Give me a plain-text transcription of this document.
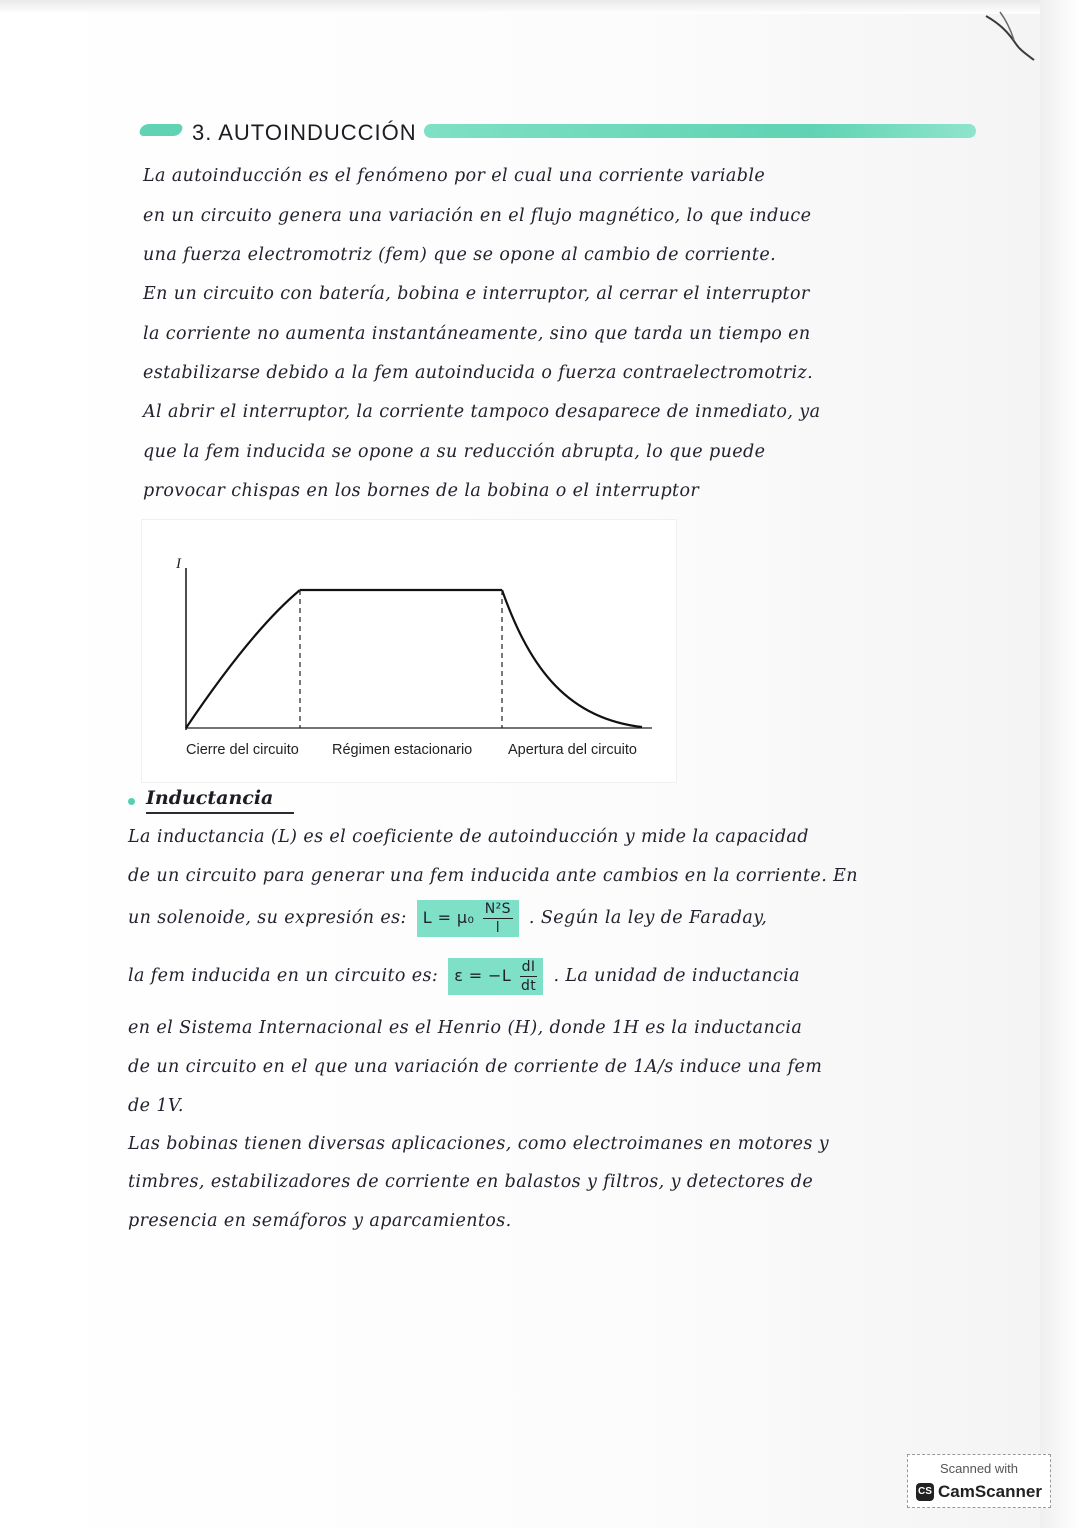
3. AUTOINDUCCIÓN
La autoinducción es el fenómeno por el cual una corriente variable
en un circuito genera una variación en el flujo magnético, lo que induce
una fuerza electromotriz (fem) que se opone al cambio de corriente.
En un circuito con batería, bobina e interruptor, al cerrar el interruptor
la corriente no aumenta instantáneamente, sino que tarda un tiempo en
estabilizarse debido a la fem autoinducida o fuerza contraelectromotriz.
Al abrir el interruptor, la corriente tampoco desaparece de inmediato, ya
que la fem inducida se opone a su reducción abrupta, lo que puede
provocar chispas en los bornes de la bobina o el interruptor
I
Cierre del circuito Régimen estacionario Apertura del circuito
Inductancia
La inductancia (L) es el coeficiente de autoinducción y mide la capacidad
de un circuito para generar una fem inducida ante cambios en la corriente. En
un solenoide, su expresión es: $L = \mu_0 \frac{\text{N²S}}{l}$ . Según la ley de Faraday,
la fem inducida en un circuito es: $\varepsilon = -L \frac{dI}{dt}$ . La unidad de inductancia
en el Sistema Internacional es el Henrio (H), donde 1H es la inductancia
de un circuito en el que una variación de corriente de 1A/s induce una fem
de 1V.
Las bobinas tienen diversas aplicaciones, como electroimanes en motores y
timbres, estabilizadores de corriente en balastos y filtros, y detectores de
presencia en semáforos y aparcamientos.
Scanned with
CS CamScanner
